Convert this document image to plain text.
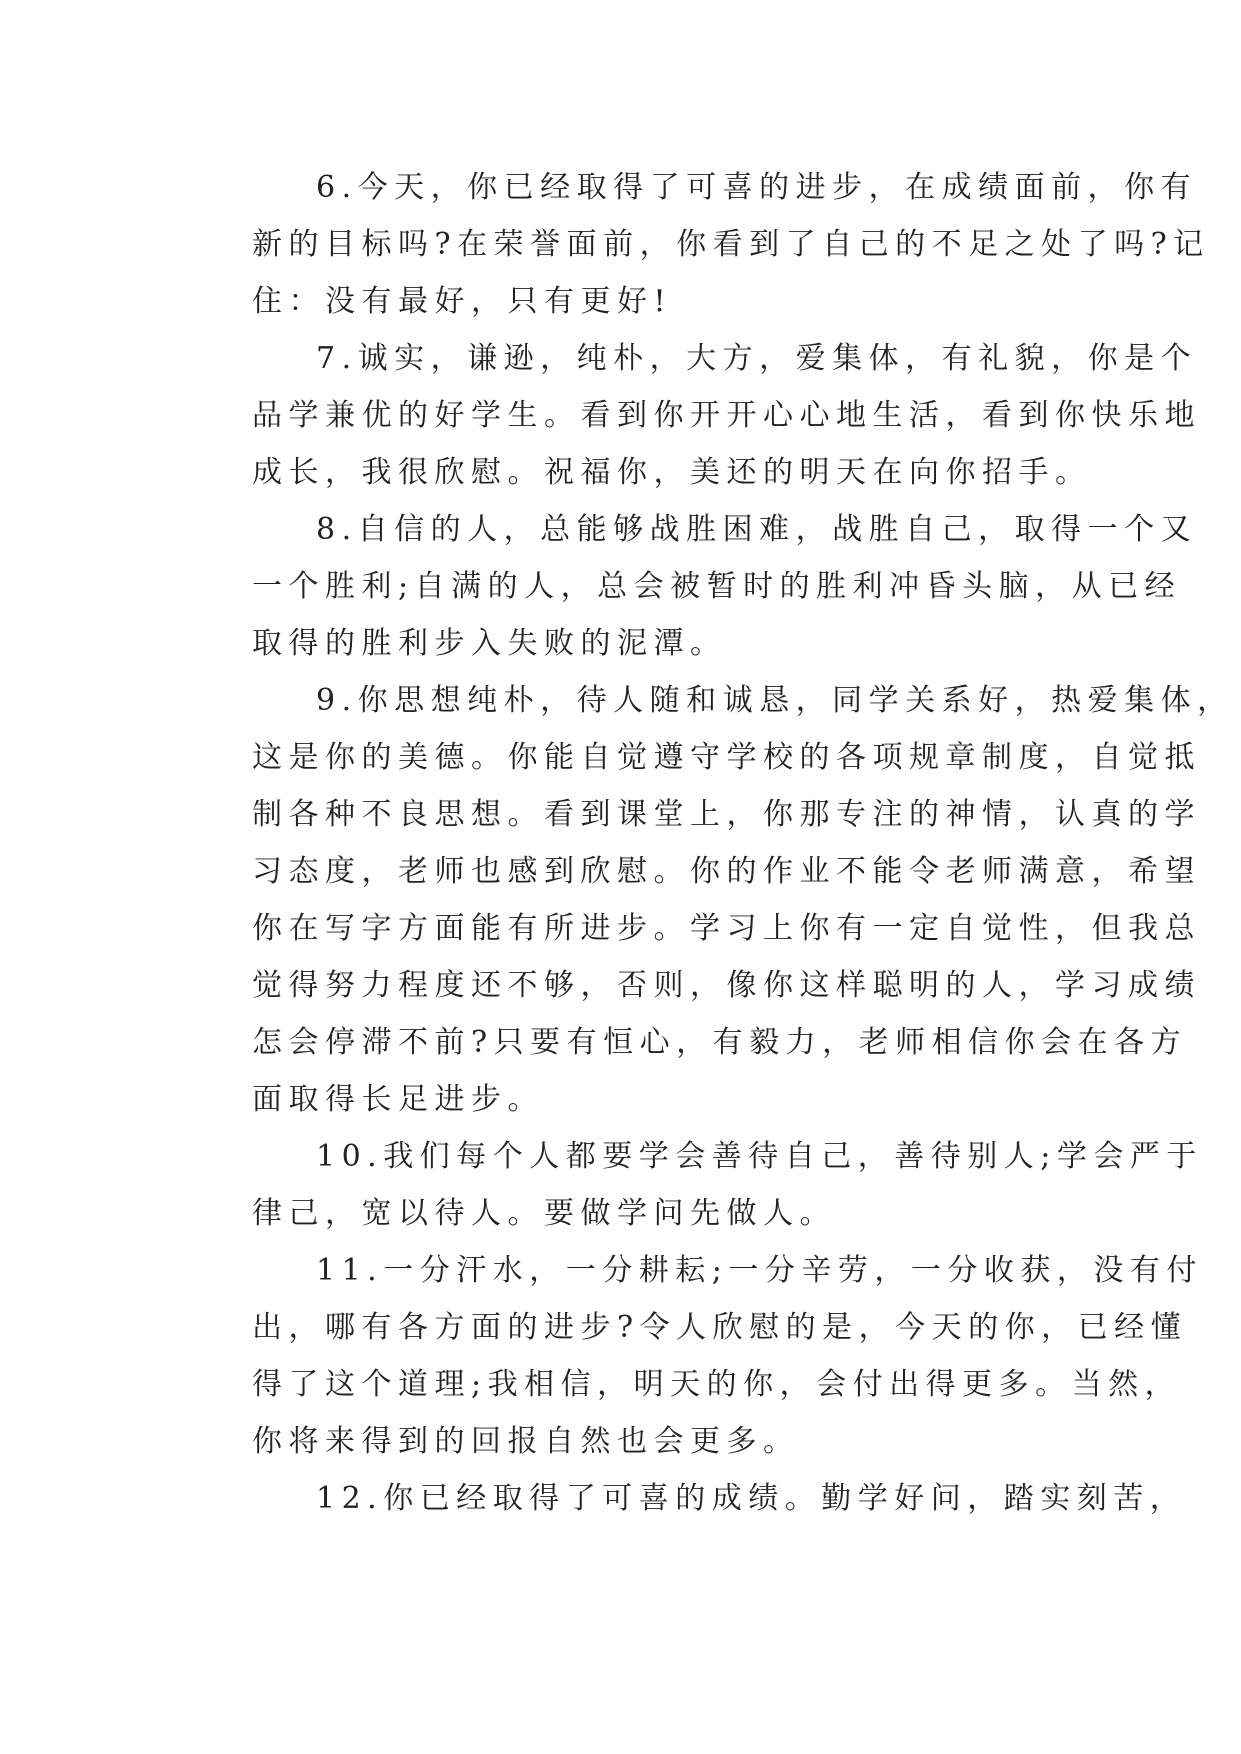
6.今天，你已经取得了可喜的进步，在成绩面前，你有
新的目标吗?在荣誉面前，你看到了自己的不足之处了吗?记
住：没有最好，只有更好!
7.诚实，谦逊，纯朴，大方，爱集体，有礼貌，你是个
品学兼优的好学生。看到你开开心心地生活，看到你快乐地
成长，我很欣慰。祝福你，美还的明天在向你招手。
8.自信的人，总能够战胜困难，战胜自己，取得一个又
一个胜利;自满的人，总会被暂时的胜利冲昏头脑，从已经
取得的胜利步入失败的泥潭。
9.你思想纯朴，待人随和诚恳，同学关系好，热爱集体，
这是你的美德。你能自觉遵守学校的各项规章制度，自觉抵
制各种不良思想。看到课堂上，你那专注的神情，认真的学
习态度，老师也感到欣慰。你的作业不能令老师满意，希望
你在写字方面能有所进步。学习上你有一定自觉性，但我总
觉得努力程度还不够，否则，像你这样聪明的人，学习成绩
怎会停滞不前?只要有恒心，有毅力，老师相信你会在各方
面取得长足进步。
10.我们每个人都要学会善待自己，善待别人;学会严于
律己，宽以待人。要做学问先做人。
11.一分汗水，一分耕耘;一分辛劳，一分收获，没有付
出，哪有各方面的进步?令人欣慰的是，今天的你，已经懂
得了这个道理;我相信，明天的你，会付出得更多。当然，
你将来得到的回报自然也会更多。
12.你已经取得了可喜的成绩。勤学好问，踏实刻苦，
